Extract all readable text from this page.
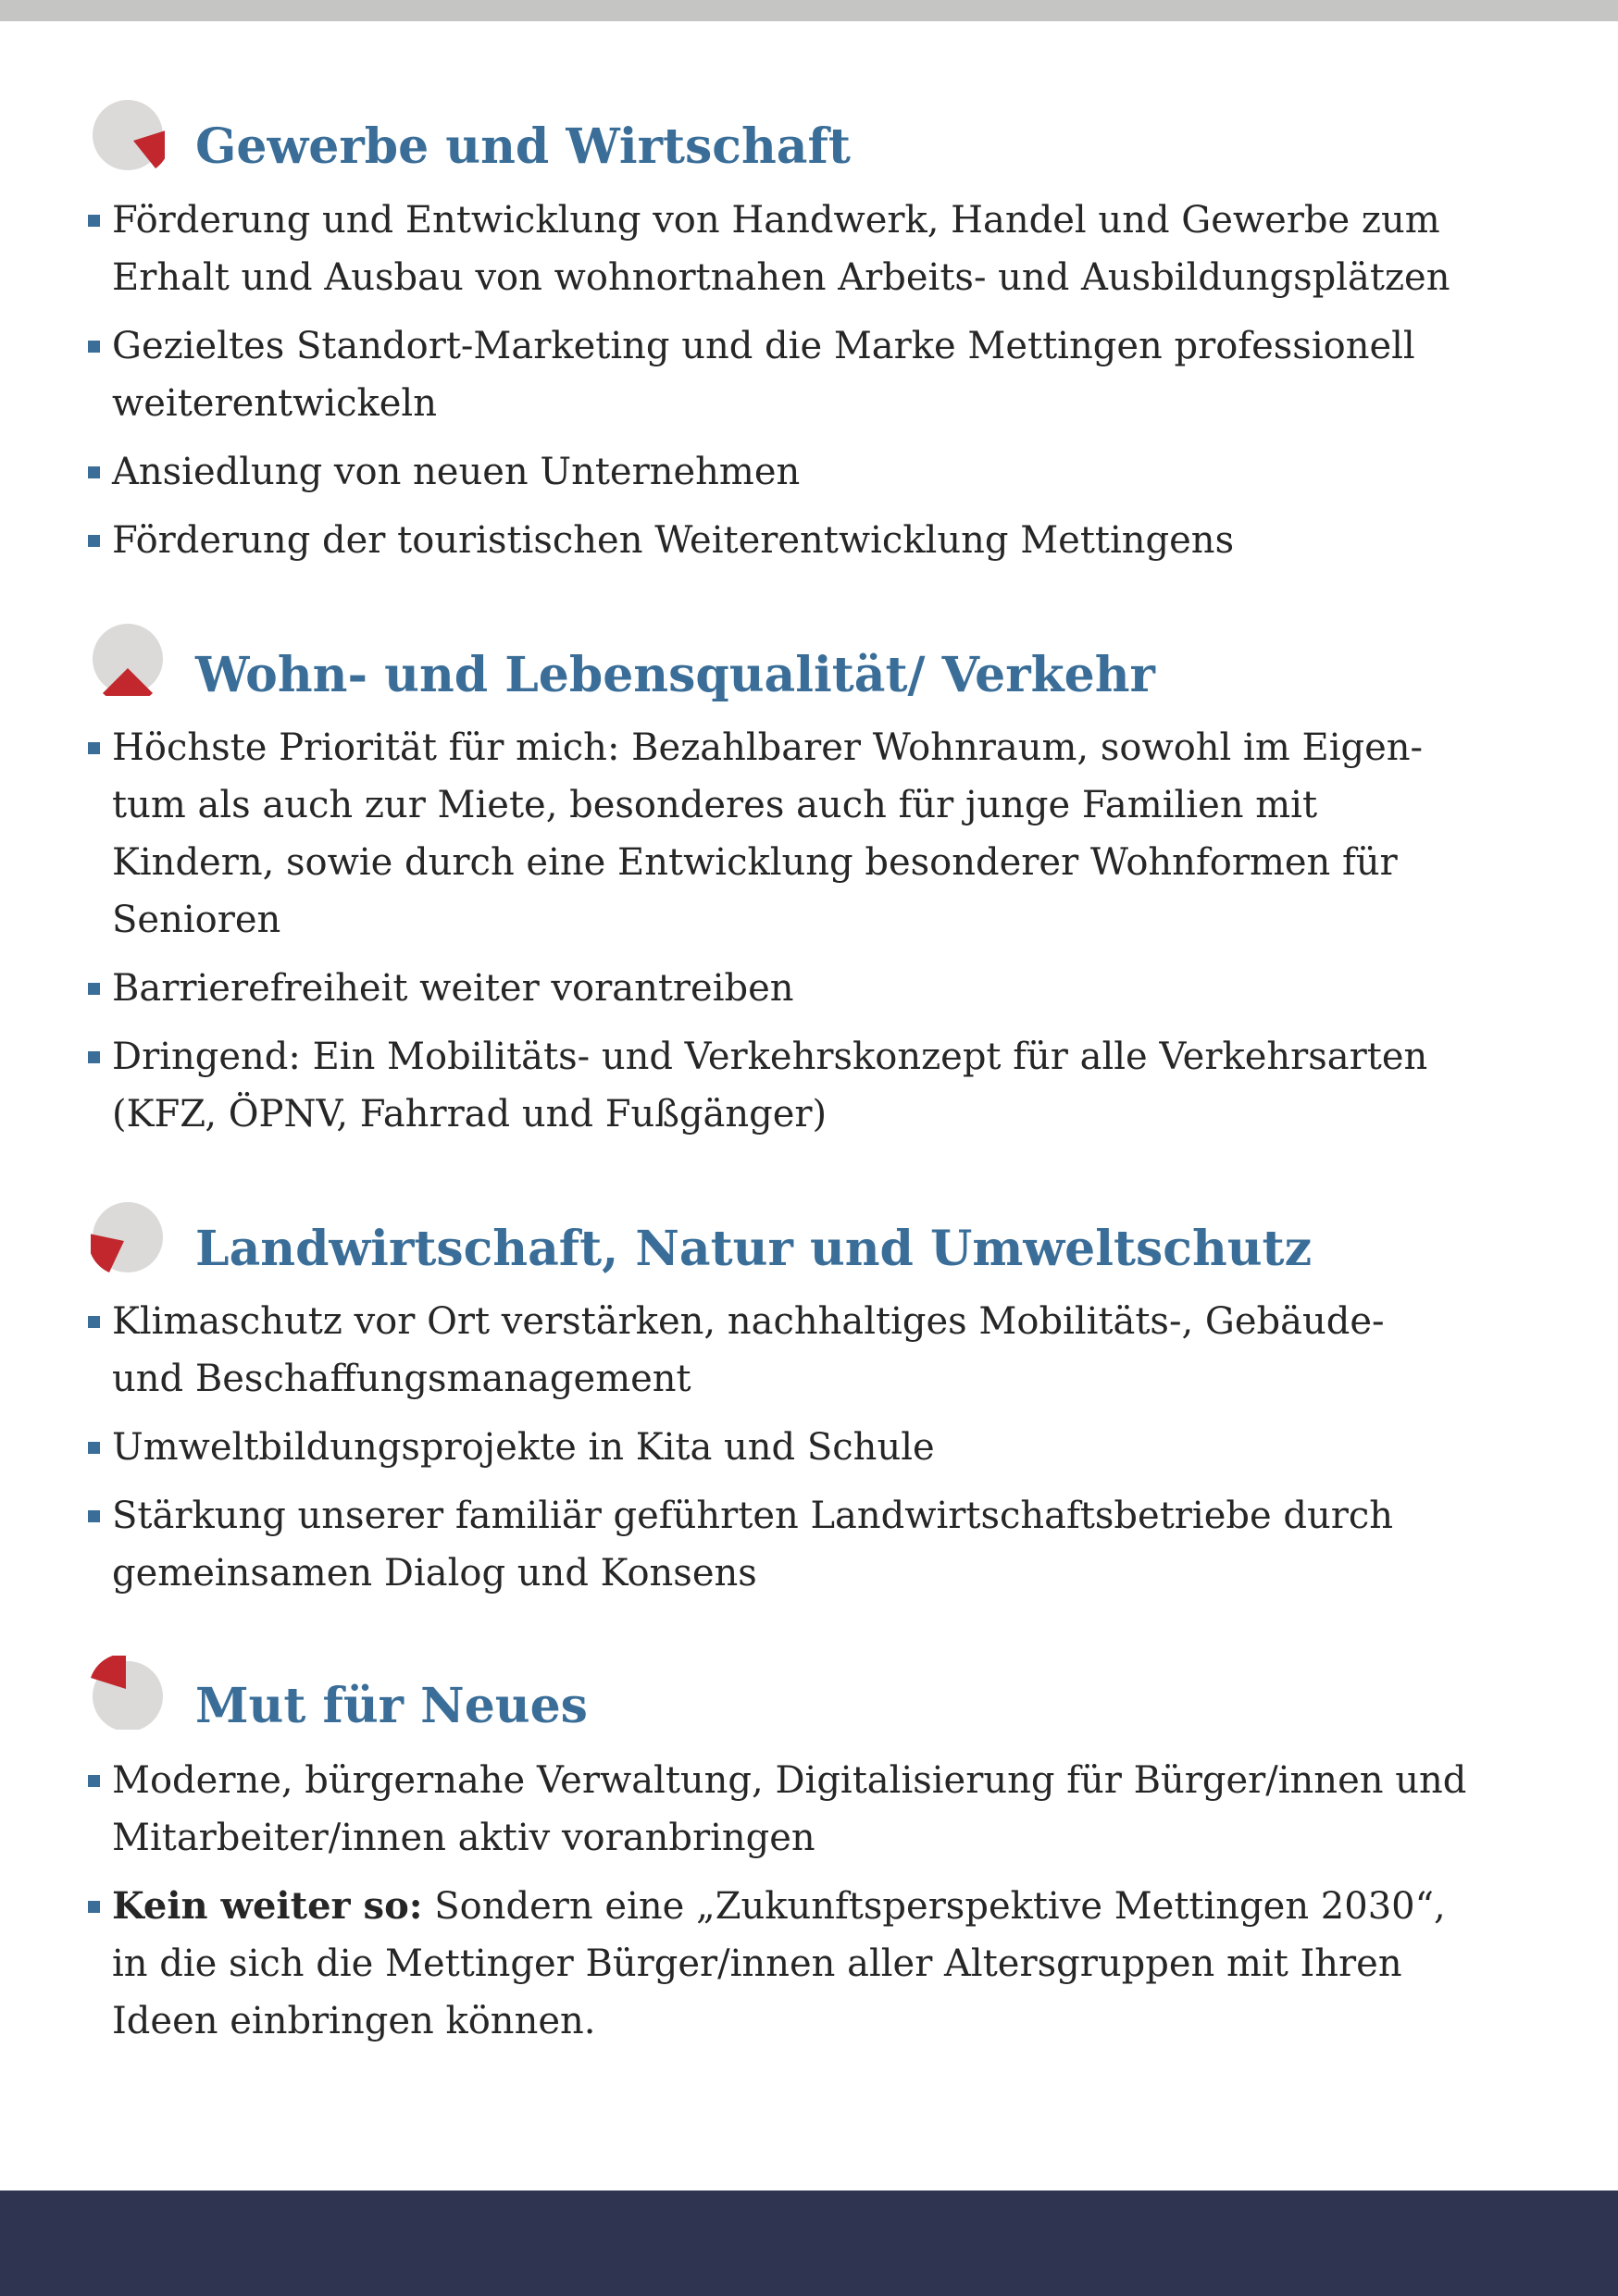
Gewerbe und Wirtschaft
Förderung und Entwicklung von Handwerk, Handel und Gewerbe zum
Erhalt und Ausbau von wohnortnahen Arbeits- und Ausbildungsplätzen
Gezieltes Standort-Marketing und die Marke Mettingen professionell
weiterentwickeln
Ansiedlung von neuen Unternehmen
Förderung der touristischen Weiterentwicklung Mettingens
Wohn- und Lebensqualität/ Verkehr
Höchste Priorität für mich: Bezahlbarer Wohnraum, sowohl im Eigen-
tum als auch zur Miete, besonderes auch für junge Familien mit
Kindern, sowie durch eine Entwicklung besonderer Wohnformen für
Senioren
Barrierefreiheit weiter vorantreiben
Dringend: Ein Mobilitäts- und Verkehrskonzept für alle Verkehrsarten
(KFZ, ÖPNV, Fahrrad und Fußgänger)
Landwirtschaft, Natur und Umweltschutz
Klimaschutz vor Ort verstärken, nachhaltiges Mobilitäts-, Gebäude-
und Beschaffungsmanagement
Umweltbildungsprojekte in Kita und Schule
Stärkung unserer familiär geführten Landwirtschaftsbetriebe durch
gemeinsamen Dialog und Konsens
Mut für Neues
Moderne, bürgernahe Verwaltung, Digitalisierung für Bürger/innen und
Mitarbeiter/innen aktiv voranbringen
Kein weiter so: Sondern eine „Zukunftsperspektive Mettingen 2030“,
in die sich die Mettinger Bürger/innen aller Altersgruppen mit Ihren
Ideen einbringen können.
